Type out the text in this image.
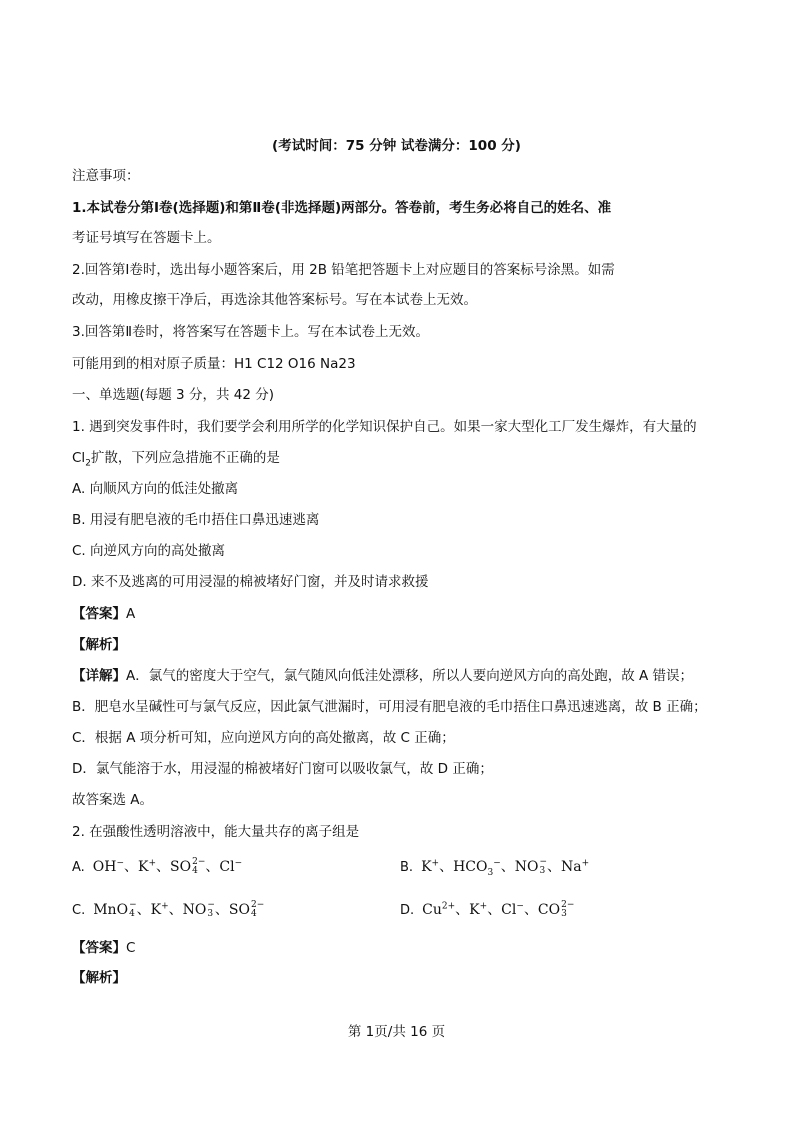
(考试时间：75 分钟 试卷满分：100 分)
注意事项：
1.本试卷分第Ⅰ卷(选择题)和第Ⅱ卷(非选择题)两部分。答卷前，考生务必将自己的姓名、准
考证号填写在答题卡上。
2.回答第Ⅰ卷时，选出每小题答案后，用 2B 铅笔把答题卡上对应题目的答案标号涂黑。如需
改动，用橡皮擦干净后，再选涂其他答案标号。写在本试卷上无效。
3.回答第Ⅱ卷时，将答案写在答题卡上。写在本试卷上无效。
可能用到的相对原子质量：H1 C12 O16 Na23
一、单选题(每题 3 分，共 42 分)
1. 遇到突发事件时，我们要学会利用所学的化学知识保护自己。如果一家大型化工厂发生爆炸，有大量的
$Cl_2$扩散，下列应急措施不正确的是
A. 向顺风方向的低洼处撤离
B. 用浸有肥皂液的毛巾捂住口鼻迅速逃离
C. 向逆风方向的高处撤离
D. 来不及逃离的可用浸湿的棉被堵好门窗，并及时请求救援
【答案】A
【解析】
【详解】A．氯气的密度大于空气，氯气随风向低洼处漂移，所以人要向逆风方向的高处跑，故 A 错误；
B．肥皂水呈碱性可与氯气反应，因此氯气泄漏时，可用浸有肥皂液的毛巾捂住口鼻迅速逃离，故 B 正确；
C．根据 A 项分析可知，应向逆风方向的高处撤离，故 C 正确；
D．氯气能溶于水，用浸湿的棉被堵好门窗可以吸收氯气，故 D 正确；
故答案选 A。
2. 在强酸性透明溶液中，能大量共存的离子组是
A. OH−、K+、SO 2−
4 、Cl−	B. K+、$HCO_3^-$、NO −
3 、Na+
C. MnO −
4 、K+、NO −
3 、SO 2−
4	D. $Cu^{2+}$、K+、Cl−、CO 2−
3
【答案】C
【解析】
第 1页/共 16 页
